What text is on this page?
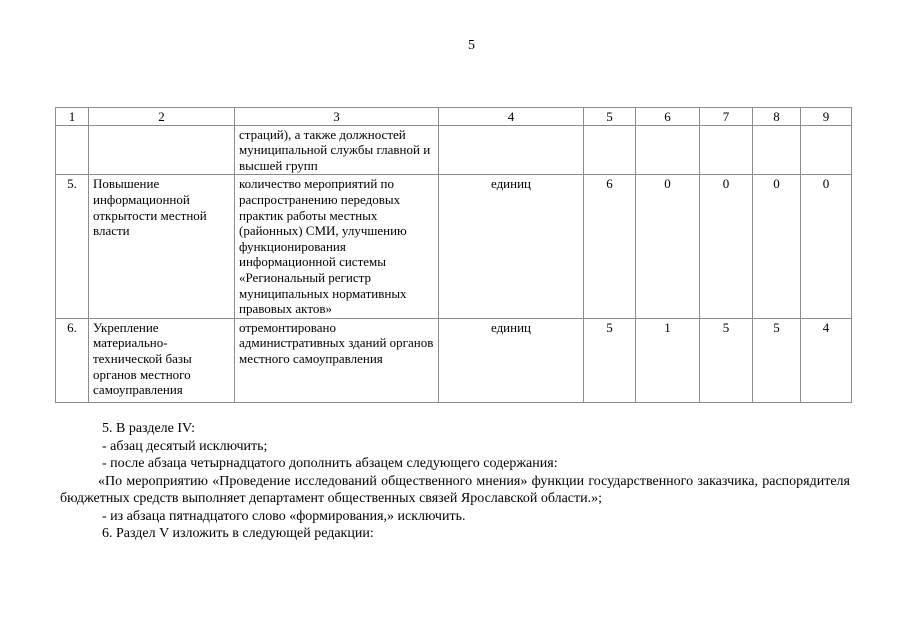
5
1	2	3	4	5	6	7	8	9
		страций), а также должностей муниципальной службы главной и высшей групп						
5.	Повышение информационной открытости местной власти	количество мероприятий по распространению передовых практик работы местных (районных) СМИ, улучшению функционирования информационной системы «Региональный регистр муниципальных нормативных правовых актов»	единиц	6	0	0	0	0
6.	Укрепление материально-технической базы органов местного самоуправления	отремонтировано административных зданий органов местного самоуправления	единиц	5	1	5	5	4

5. В разделе IV:

- абзац десятый исключить;

- после абзаца четырнадцатого дополнить абзацем следующего содержания:

«По мероприятию «Проведение исследований общественного мнения» функции государственного заказчика, распорядителя бюджетных средств выполняет департамент общественных связей Ярославской области.»;

- из абзаца пятнадцатого слово «формирования,» исключить.

6. Раздел V изложить в следующей редакции:
